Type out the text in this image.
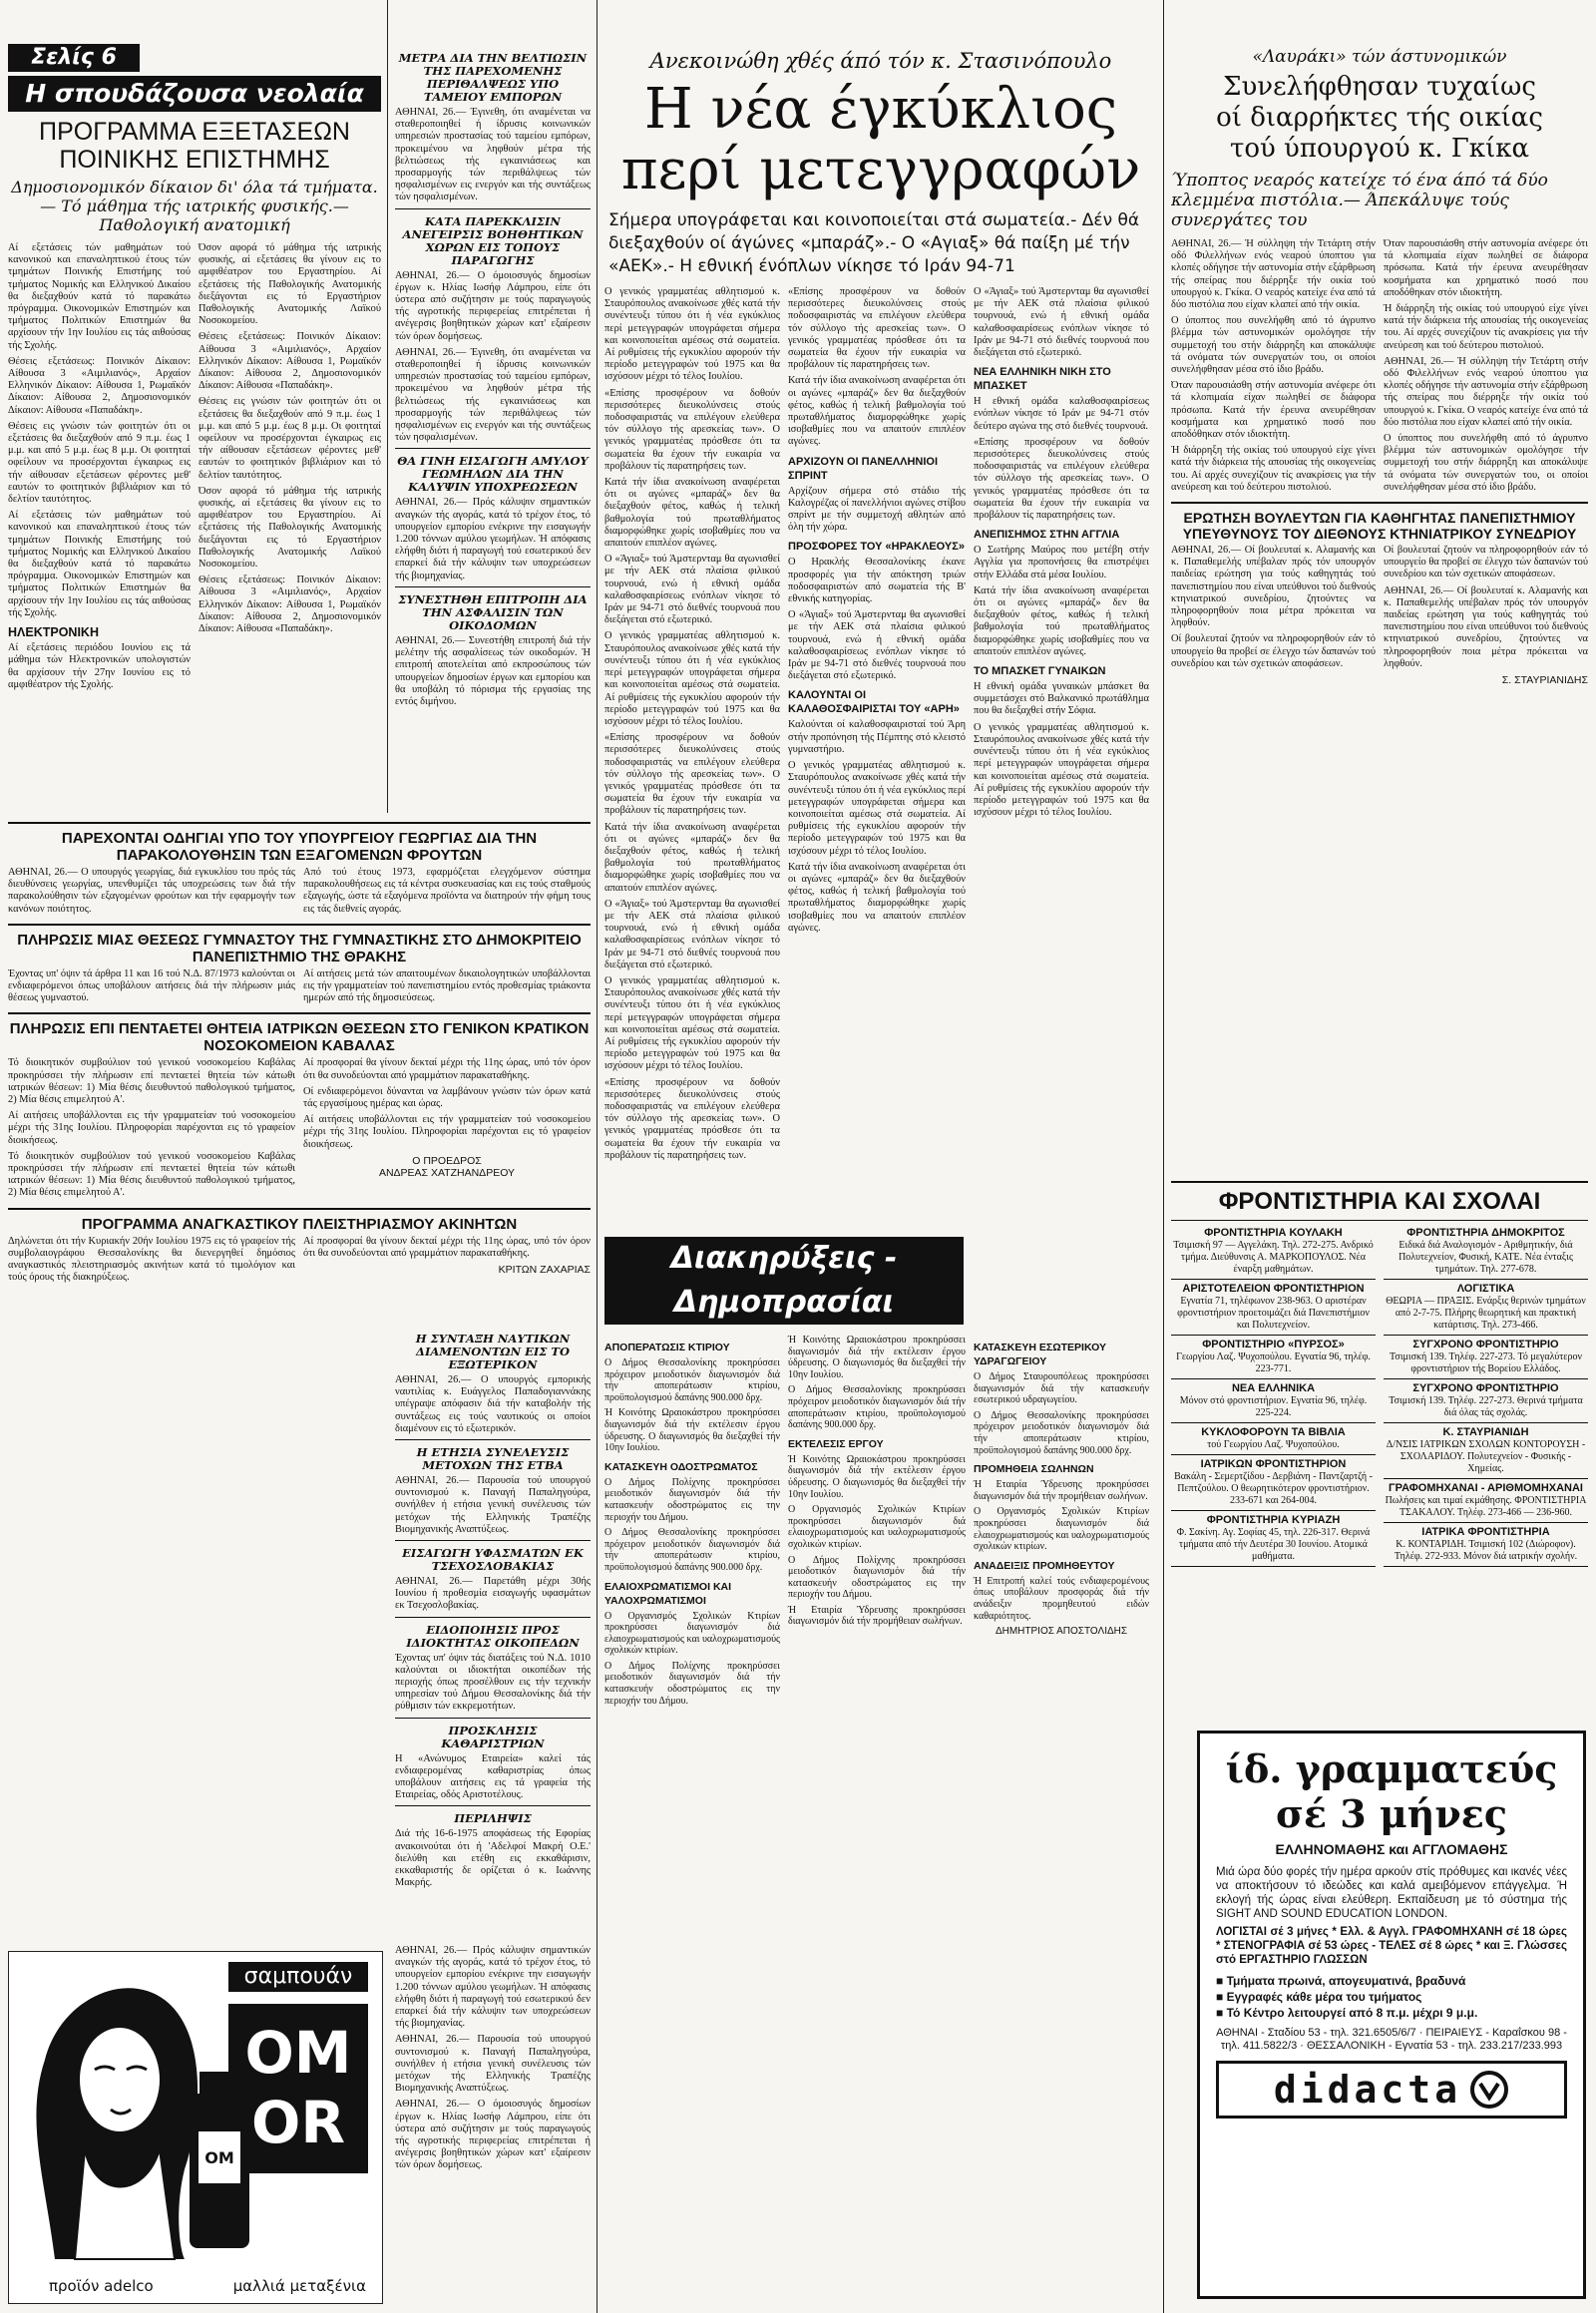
Σελίς 6
Η σπουδάζουσα νεολαία
ΠΡΟΓΡΑΜΜΑ ΕΞΕΤΑΣΕΩΝ
ΠΟΙΝΙΚΗΣ ΕΠΙΣΤΗΜΗΣ
Δημοσιονομικόν δίκαιον δι' όλα τά τμήματα.— Τό μάθημα τής ιατρικής φυσικής.— Παθολογική ανατομική

Αί εξετάσεις τών μαθημάτων τού κανονικού και επαναληπτικού έτους τών τμημάτων Ποινικής Επιστήμης τού τμήματος Νομικής και Ελληνικού Δικαίου θα διεξαχθούν κατά τό παρακάτω πρόγραμμα. Οικονομικών Επιστημών και τμήματος Πολιτικών Επιστημών θα αρχίσουν τήν 1ην Ιουλίου εις τάς αιθούσας τής Σχολής.

Θέσεις εξετάσεως: Ποινικόν Δίκαιον: Αίθουσα 3 «Αιμιλιανός», Αρχαίον Ελληνικόν Δίκαιον: Αίθουσα 1, Ρωμαϊκόν Δίκαιον: Αίθουσα 2, Δημοσιονομικόν Δίκαιον: Αίθουσα «Παπαδάκη».

Θέσεις εις γνώσιν τών φοιτητών ότι οι εξετάσεις θα διεξαχθούν από 9 π.μ. έως 1 μ.μ. και από 5 μ.μ. έως 8 μ.μ. Οι φοιτηταί οφείλουν να προσέρχονται έγκαιρως εις τήν αίθουσαν εξετάσεων φέροντες μεθ' εαυτών το φοιτητικόν βιβλιάριον και τό δελτίον ταυτότητος.

Αί εξετάσεις τών μαθημάτων τού κανονικού και επαναληπτικού έτους τών τμημάτων Ποινικής Επιστήμης τού τμήματος Νομικής και Ελληνικού Δικαίου θα διεξαχθούν κατά τό παρακάτω πρόγραμμα. Οικονομικών Επιστημών και τμήματος Πολιτικών Επιστημών θα αρχίσουν τήν 1ην Ιουλίου εις τάς αιθούσας τής Σχολής.

ΗΛΕΚΤΡΟΝΙΚΗ

Αί εξετάσεις περιόδου Ιουνίου εις τά μάθημα τών Ηλεκτρονικών υπολογιστών θα αρχίσουν τήν 27ην Ιουνίου εις τό αμφιθέατρον τής Σχολής.

Όσον αφορά τό μάθημα τής ιατρικής φυσικής, αί εξετάσεις θα γίνουν εις το αμφιθέατρον του Εργαστηρίου. Αί εξετάσεις τής Παθολογικής Ανατομικής διεξάγονται εις τό Εργαστήριον Παθολογικής Ανατομικής Λαϊκού Νοσοκομείου.

Θέσεις εξετάσεως: Ποινικόν Δίκαιον: Αίθουσα 3 «Αιμιλιανός», Αρχαίον Ελληνικόν Δίκαιον: Αίθουσα 1, Ρωμαϊκόν Δίκαιον: Αίθουσα 2, Δημοσιονομικόν Δίκαιον: Αίθουσα «Παπαδάκη».

Θέσεις εις γνώσιν τών φοιτητών ότι οι εξετάσεις θα διεξαχθούν από 9 π.μ. έως 1 μ.μ. και από 5 μ.μ. έως 8 μ.μ. Οι φοιτηταί οφείλουν να προσέρχονται έγκαιρως εις τήν αίθουσαν εξετάσεων φέροντες μεθ' εαυτών το φοιτητικόν βιβλιάριον και τό δελτίον ταυτότητος.

Όσον αφορά τό μάθημα τής ιατρικής φυσικής, αί εξετάσεις θα γίνουν εις το αμφιθέατρον του Εργαστηρίου. Αί εξετάσεις τής Παθολογικής Ανατομικής διεξάγονται εις τό Εργαστήριον Παθολογικής Ανατομικής Λαϊκού Νοσοκομείου.

Θέσεις εξετάσεως: Ποινικόν Δίκαιον: Αίθουσα 3 «Αιμιλιανός», Αρχαίον Ελληνικόν Δίκαιον: Αίθουσα 1, Ρωμαϊκόν Δίκαιον: Αίθουσα 2, Δημοσιονομικόν Δίκαιον: Αίθουσα «Παπαδάκη».

ΠΑΡΕΧΟΝΤΑΙ ΟΔΗΓΙΑΙ ΥΠΟ ΤΟΥ ΥΠΟΥΡΓΕΙΟΥ ΓΕΩΡΓΙΑΣ ΔΙΑ ΤΗΝ ΠΑΡΑΚΟΛΟΥΘΗΣΙΝ ΤΩΝ ΕΞΑΓΟΜΕΝΩΝ ΦΡΟΥΤΩΝ

ΑΘΗΝΑΙ, 26.— Ο υπουργός γεωργίας, διά εγκυκλίου του πρός τάς διευθύνσεις γεωργίας, υπενθυμίζει τάς υποχρεώσεις των διά τήν παρακολούθησιν τών εξαγομένων φρούτων και τήν εφαρμογήν των κανόνων ποιότητος.

Από τού έτους 1973, εφαρμόζεται ελεγχόμενον σύστημα παρακολουθήσεως εις τά κέντρα συσκευασίας και εις τούς σταθμούς εξαγωγής, ώστε τά εξαγόμενα προϊόντα να διατηρούν τήν φήμη τους εις τάς διεθνείς αγοράς.

ΠΛΗΡΩΣΙΣ ΜΙΑΣ ΘΕΣΕΩΣ ΓΥΜΝΑΣΤΟΥ ΤΗΣ ΓΥΜΝΑΣΤΙΚΗΣ ΣΤΟ ΔΗΜΟΚΡΙΤΕΙΟ ΠΑΝΕΠΙΣΤΗΜΙΟ ΤΗΣ ΘΡΑΚΗΣ

Έχοντας υπ' όψιν τά άρθρα 11 και 16 τού Ν.Δ. 87/1973 καλούνται οι ενδιαφερόμενοι όπως υποβάλουν αιτήσεις διά τήν πλήρωσιν μιάς θέσεως γυμναστού.

Αί αιτήσεις μετά τών απαιτουμένων δικαιολογητικών υποβάλλονται εις τήν γραμματείαν τού πανεπιστημίου εντός προθεσμίας τριάκοντα ημερών από τής δημοσιεύσεως.

ΠΛΗΡΩΣΙΣ ΕΠΙ ΠΕΝΤΑΕΤΕΙ ΘΗΤΕΙΑ ΙΑΤΡΙΚΩΝ ΘΕΣΕΩΝ ΣΤΟ ΓΕΝΙΚΟΝ ΚΡΑΤΙΚΟΝ ΝΟΣΟΚΟΜΕΙΟΝ ΚΑΒΑΛΑΣ

Τό διοικητικόν συμβούλιον τού γενικού νοσοκομείου Καβάλας προκηρύσσει τήν πλήρωσιν επί πενταετεί θητεία τών κάτωθι ιατρικών θέσεων: 1) Μία θέσις διευθυντού παθολογικού τμήματος, 2) Μία θέσις επιμελητού Α'.

Αί αιτήσεις υποβάλλονται εις τήν γραμματείαν τού νοσοκομείου μέχρι τής 31ης Ιουλίου. Πληροφορίαι παρέχονται εις τό γραφείον διοικήσεως.

Τό διοικητικόν συμβούλιον τού γενικού νοσοκομείου Καβάλας προκηρύσσει τήν πλήρωσιν επί πενταετεί θητεία τών κάτωθι ιατρικών θέσεων: 1) Μία θέσις διευθυντού παθολογικού τμήματος, 2) Μία θέσις επιμελητού Α'.

Αί προσφοραί θα γίνουν δεκταί μέχρι τής 11ης ώρας, υπό τόν όρον ότι θα συνοδεύονται από γραμμάτιον παρακαταθήκης.

Οί ενδιαφερόμενοι δύνανται να λαμβάνουν γνώσιν τών όρων κατά τάς εργασίμους ημέρας και ώρας.

Αί αιτήσεις υποβάλλονται εις τήν γραμματείαν τού νοσοκομείου μέχρι τής 31ης Ιουλίου. Πληροφορίαι παρέχονται εις τό γραφείον διοικήσεως.

Ο ΠΡΟΕΔΡΟΣ
ΑΝΔΡΕΑΣ ΧΑΤΖΗΑΝΔΡΕΟΥ
ΠΡΟΓΡΑΜΜΑ ΑΝΑΓΚΑΣΤΙΚΟΥ ΠΛΕΙΣΤΗΡΙΑΣΜΟΥ ΑΚΙΝΗΤΩΝ

Δηλώνεται ότι τήν Κυριακήν 20ήν Ιουλίου 1975 εις τό γραφείον τής συμβολαιογράφου Θεσσαλονίκης θα διενεργηθεί δημόσιος αναγκαστικός πλειστηριασμός ακινήτων κατά τό τιμολόγιον και τούς όρους τής διακηρύξεως.

Αί προσφοραί θα γίνουν δεκταί μέχρι τής 11ης ώρας, υπό τόν όρον ότι θα συνοδεύονται από γραμμάτιον παρακαταθήκης.

ΚΡΙΤΩΝ ΖΑΧΑΡΙΑΣ
σαμπουάν
OM OR
OM
προϊόν adelco	μαλλιά μεταξένια
ΜΕΤΡΑ ΔΙΑ ΤΗΝ ΒΕΛΤΙΩΣΙΝ ΤΗΣ ΠΑΡΕΧΟΜΕΝΗΣ ΠΕΡΙΘΑΛΨΕΩΣ ΥΠΟ ΤΑΜΕΙΟΥ ΕΜΠΟΡΩΝ

ΑΘΗΝΑΙ, 26.— Έγινεθη, ότι αναμένεται να σταθεροποιηθεί ή ίδρυσις κοινωνικών υπηρεσιών προστασίας τού ταμείου εμπόρων, προκειμένου να ληφθούν μέτρα τής βελτιώσεως τής εγκαινιάσεως και προσαρμογής τών περιθάλψεως τών ησφαλισμένων εις ενεργόν και τής συντάξεως τών ησφαλισμένων.

ΚΑΤΑ ΠΑΡΕΚΚΛΙΣΙΝ ΑΝΕΓΕΙΡΣΙΣ ΒΟΗΘΗΤΙΚΩΝ ΧΩΡΩΝ ΕΙΣ ΤΟΠΟΥΣ ΠΑΡΑΓΩΓΗΣ

ΑΘΗΝΑΙ, 26.— Ο όμοιοσυγός δημοσίων έργων κ. Ηλίας Ιωσήφ Λάμπρου, είπε ότι ύστερα από συζήτησιν με τούς παραγωγούς τής αγροτικής περιφερείας επιτρέπεται ή ανέγερσις βοηθητικών χώρων κατ' εξαίρεσιν τών όρων δομήσεως.

ΑΘΗΝΑΙ, 26.— Έγινεθη, ότι αναμένεται να σταθεροποιηθεί ή ίδρυσις κοινωνικών υπηρεσιών προστασίας τού ταμείου εμπόρων, προκειμένου να ληφθούν μέτρα τής βελτιώσεως τής εγκαινιάσεως και προσαρμογής τών περιθάλψεως τών ησφαλισμένων εις ενεργόν και τής συντάξεως τών ησφαλισμένων.

ΘΑ ΓΙΝΗ ΕΙΣΑΓΩΓΗ ΑΜΥΛΟΥ ΓΕΩΜΗΛΩΝ ΔΙΑ ΤΗΝ ΚΑΛΥΨΙΝ ΥΠΟΧΡΕΩΣΕΩΝ

ΑΘΗΝΑΙ, 26.— Πρός κάλυψιν σημαντικών αναγκών τής αγοράς, κατά τό τρέχον έτος, τό υπουργείον εμπορίου ενέκρινε την εισαγωγήν 1.200 τόννων αμύλου γεωμήλων. Ή απόφασις ελήφθη διότι ή παραγωγή τού εσωτερικού δεν επαρκεί διά τήν κάλυψιν των υποχρεώσεων τής βιομηχανίας.

ΣΥΝΕΣΤΗΘΗ ΕΠΙΤΡΟΠΗ ΔΙΑ ΤΗΝ ΑΣΦΑΛΙΣΙΝ ΤΩΝ ΟΙΚΟΔΟΜΩΝ

ΑΘΗΝΑΙ, 26.— Συνεστήθη επιτροπή διά τήν μελέτην τής ασφαλίσεως τών οικοδομών. Ή επιτροπή αποτελείται από εκπροσώπους τών υπουργείων δημοσίων έργων και εμπορίου και θα υποβάλη τό πόρισμα τής εργασίας της εντός διμήνου.

Η ΣΥΝΤΑΞΗ ΝΑΥΤΙΚΩΝ ΔΙΑΜΕΝΟΝΤΩΝ ΕΙΣ ΤΟ ΕΞΩΤΕΡΙΚΟΝ

ΑΘΗΝΑΙ, 26.— Ο υπουργός εμπορικής ναυτιλίας κ. Ευάγγελος Παπαδογιαννάκης υπέγραψε απόφασιν διά τήν καταβολήν τής συντάξεως εις τούς ναυτικούς οι οποίοι διαμένουν εις τό εξωτερικόν.

Η ΕΤΗΣΙΑ ΣΥΝΕΛΕΥΣΙΣ ΜΕΤΟΧΩΝ ΤΗΣ ΕΤΒΑ

ΑΘΗΝΑΙ, 26.— Παρουσία τού υπουργού συντονισμού κ. Παναγή Παπαληγούρα, συνήλθεν ή ετήσια γενική συνέλευσις τών μετόχων τής Ελληνικής Τραπέζης Βιομηχανικής Αναπτύξεως.

ΕΙΣΑΓΩΓΗ ΥΦΑΣΜΑΤΩΝ ΕΚ ΤΣΕΧΟΣΛΟΒΑΚΙΑΣ

ΑΘΗΝΑΙ, 26.— Παρετάθη μέχρι 30ής Ιουνίου ή προθεσμία εισαγωγής υφασμάτων εκ Τσεχοσλοβακίας.

ΕΙΔΟΠΟΙΗΣΙΣ ΠΡΟΣ ΙΔΙΟΚΤΗΤΑΣ ΟΙΚΟΠΕΔΩΝ

Έχοντας υπ' όψιν τάς διατάξεις τού Ν.Δ. 1010 καλούνται οι ιδιοκτήται οικοπέδων τής περιοχής όπως προσέλθουν εις τήν τεχνικήν υπηρεσίαν τού Δήμου Θεσσαλονίκης διά τήν ρύθμισιν τών εκκρεμοτήτων.

ΠΡΟΣΚΛΗΣΙΣ ΚΑΘΑΡΙΣΤΡΙΩΝ

Η «Ανώνυμος Εταιρεία» καλεί τάς ενδιαφερομένας καθαριστρίας όπως υποβάλουν αιτήσεις εις τά γραφεία τής Εταιρείας, οδός Αριστοτέλους.

ΠΕΡΙΛΗΨΙΣ

Διά τής 16-6-1975 αποφάσεως τής Εφορίας ανακοινούται ότι ή 'Αδελφοί Μακρή Ο.Ε.' διελύθη και ετέθη εις εκκαθάρισιν, εκκαθαριστής δε ορίζεται ό κ. Ιωάννης Μακρής.

ΑΘΗΝΑΙ, 26.— Πρός κάλυψιν σημαντικών αναγκών τής αγοράς, κατά τό τρέχον έτος, τό υπουργείον εμπορίου ενέκρινε την εισαγωγήν 1.200 τόννων αμύλου γεωμήλων. Ή απόφασις ελήφθη διότι ή παραγωγή τού εσωτερικού δεν επαρκεί διά τήν κάλυψιν των υποχρεώσεων τής βιομηχανίας.

ΑΘΗΝΑΙ, 26.— Παρουσία τού υπουργού συντονισμού κ. Παναγή Παπαληγούρα, συνήλθεν ή ετήσια γενική συνέλευσις τών μετόχων τής Ελληνικής Τραπέζης Βιομηχανικής Αναπτύξεως.

ΑΘΗΝΑΙ, 26.— Ο όμοιοσυγός δημοσίων έργων κ. Ηλίας Ιωσήφ Λάμπρου, είπε ότι ύστερα από συζήτησιν με τούς παραγωγούς τής αγροτικής περιφερείας επιτρέπεται ή ανέγερσις βοηθητικών χώρων κατ' εξαίρεσιν τών όρων δομήσεως.

Ανεκοινώθη χθές άπό τόν κ. Στασινόπουλο
Η νέα έγκύκλιος
περί μετεγγραφών
Σήμερα υπογράφεται και κοινοποιείται στά σωματεία.- Δέν θά διεξαχθούν οί άγώνες «μπαράζ».- Ο «Αγιαξ» θά παίξη μέ τήν «ΑΕΚ».- Η εθνική ένόπλων νίκησε τό Ιράν 94-71

Ο γενικός γραμματέας αθλητισμού κ. Σταυρόπουλος ανακοίνωσε χθές κατά τήν συνέντευξι τύπου ότι ή νέα εγκύκλιος περί μετεγγραφών υπογράφεται σήμερα και κοινοποιείται αμέσως στά σωματεία. Αί ρυθμίσεις τής εγκυκλίου αφορούν τήν περίοδο μετεγγραφών τού 1975 και θα ισχύσουν μέχρι τό τέλος Ιουλίου.

«Επίσης προσφέρουν να δοθούν περισσότερες διευκολύνσεις στούς ποδοσφαιριστάς να επιλέγουν ελεύθερα τόν σύλλογο τής αρεσκείας των». Ο γενικός γραμματέας πρόσθεσε ότι τα σωματεία θα έχουν τήν ευκαιρία να προβάλουν τίς παρατηρήσεις των.

Κατά τήν ίδια ανακοίνωση αναφέρεται ότι οι αγώνες «μπαράζ» δεν θα διεξαχθούν φέτος, καθώς ή τελική βαθμολογία τού πρωταθλήματος διαμορφώθηκε χωρίς ισοβαθμίες που να απαιτούν επιπλέον αγώνες.

Ο «Άγιαξ» τού Άμστερνταμ θα αγωνισθεί με τήν ΑΕΚ στά πλαίσια φιλικού τουρνουά, ενώ ή εθνική ομάδα καλαθοσφαιρίσεως ενόπλων νίκησε τό Ιράν με 94-71 στό διεθνές τουρνουά που διεξάγεται στό εξωτερικό.

Ο γενικός γραμματέας αθλητισμού κ. Σταυρόπουλος ανακοίνωσε χθές κατά τήν συνέντευξι τύπου ότι ή νέα εγκύκλιος περί μετεγγραφών υπογράφεται σήμερα και κοινοποιείται αμέσως στά σωματεία. Αί ρυθμίσεις τής εγκυκλίου αφορούν τήν περίοδο μετεγγραφών τού 1975 και θα ισχύσουν μέχρι τό τέλος Ιουλίου.

«Επίσης προσφέρουν να δοθούν περισσότερες διευκολύνσεις στούς ποδοσφαιριστάς να επιλέγουν ελεύθερα τόν σύλλογο τής αρεσκείας των». Ο γενικός γραμματέας πρόσθεσε ότι τα σωματεία θα έχουν τήν ευκαιρία να προβάλουν τίς παρατηρήσεις των.

Κατά τήν ίδια ανακοίνωση αναφέρεται ότι οι αγώνες «μπαράζ» δεν θα διεξαχθούν φέτος, καθώς ή τελική βαθμολογία τού πρωταθλήματος διαμορφώθηκε χωρίς ισοβαθμίες που να απαιτούν επιπλέον αγώνες.

Ο «Άγιαξ» τού Άμστερνταμ θα αγωνισθεί με τήν ΑΕΚ στά πλαίσια φιλικού τουρνουά, ενώ ή εθνική ομάδα καλαθοσφαιρίσεως ενόπλων νίκησε τό Ιράν με 94-71 στό διεθνές τουρνουά που διεξάγεται στό εξωτερικό.

Ο γενικός γραμματέας αθλητισμού κ. Σταυρόπουλος ανακοίνωσε χθές κατά τήν συνέντευξι τύπου ότι ή νέα εγκύκλιος περί μετεγγραφών υπογράφεται σήμερα και κοινοποιείται αμέσως στά σωματεία. Αί ρυθμίσεις τής εγκυκλίου αφορούν τήν περίοδο μετεγγραφών τού 1975 και θα ισχύσουν μέχρι τό τέλος Ιουλίου.

«Επίσης προσφέρουν να δοθούν περισσότερες διευκολύνσεις στούς ποδοσφαιριστάς να επιλέγουν ελεύθερα τόν σύλλογο τής αρεσκείας των». Ο γενικός γραμματέας πρόσθεσε ότι τα σωματεία θα έχουν τήν ευκαιρία να προβάλουν τίς παρατηρήσεις των.

«Επίσης προσφέρουν να δοθούν περισσότερες διευκολύνσεις στούς ποδοσφαιριστάς να επιλέγουν ελεύθερα τόν σύλλογο τής αρεσκείας των». Ο γενικός γραμματέας πρόσθεσε ότι τα σωματεία θα έχουν τήν ευκαιρία να προβάλουν τίς παρατηρήσεις των.

Κατά τήν ίδια ανακοίνωση αναφέρεται ότι οι αγώνες «μπαράζ» δεν θα διεξαχθούν φέτος, καθώς ή τελική βαθμολογία τού πρωταθλήματος διαμορφώθηκε χωρίς ισοβαθμίες που να απαιτούν επιπλέον αγώνες.

ΑΡΧΙΖΟΥΝ ΟΙ ΠΑΝΕΛΛΗΝΙΟΙ ΣΠΡΙΝΤ

Αρχίζουν σήμερα στό στάδιο τής Καλογρέζας οί πανελλήνιοι αγώνες στίβου σπρίντ με τήν συμμετοχή αθλητών από όλη τήν χώρα.

ΠΡΟΣΦΟΡΕΣ ΤΟΥ «ΗΡΑΚΛΕΟΥΣ»

Ο Ηρακλής Θεσσαλονίκης έκανε προσφορές για τήν απόκτηση τριών ποδοσφαιριστών από σωματεία τής Β' εθνικής κατηγορίας.

Ο «Άγιαξ» τού Άμστερνταμ θα αγωνισθεί με τήν ΑΕΚ στά πλαίσια φιλικού τουρνουά, ενώ ή εθνική ομάδα καλαθοσφαιρίσεως ενόπλων νίκησε τό Ιράν με 94-71 στό διεθνές τουρνουά που διεξάγεται στό εξωτερικό.

ΚΑΛΟΥΝΤΑΙ ΟΙ ΚΑΛΑΘΟΣΦΑΙΡΙΣΤΑΙ ΤΟΥ «ΑΡΗ»

Καλούνται οί καλαθοσφαιρισταί τού Άρη στήν προπόνηση τής Πέμπτης στό κλειστό γυμναστήριο.

Ο γενικός γραμματέας αθλητισμού κ. Σταυρόπουλος ανακοίνωσε χθές κατά τήν συνέντευξι τύπου ότι ή νέα εγκύκλιος περί μετεγγραφών υπογράφεται σήμερα και κοινοποιείται αμέσως στά σωματεία. Αί ρυθμίσεις τής εγκυκλίου αφορούν τήν περίοδο μετεγγραφών τού 1975 και θα ισχύσουν μέχρι τό τέλος Ιουλίου.

Κατά τήν ίδια ανακοίνωση αναφέρεται ότι οι αγώνες «μπαράζ» δεν θα διεξαχθούν φέτος, καθώς ή τελική βαθμολογία τού πρωταθλήματος διαμορφώθηκε χωρίς ισοβαθμίες που να απαιτούν επιπλέον αγώνες.

Ο «Άγιαξ» τού Άμστερνταμ θα αγωνισθεί με τήν ΑΕΚ στά πλαίσια φιλικού τουρνουά, ενώ ή εθνική ομάδα καλαθοσφαιρίσεως ενόπλων νίκησε τό Ιράν με 94-71 στό διεθνές τουρνουά που διεξάγεται στό εξωτερικό.

ΝΕΑ ΕΛΛΗΝΙΚΗ ΝΙΚΗ ΣΤΟ ΜΠΑΣΚΕΤ

Η εθνική ομάδα καλαθοσφαιρίσεως ενόπλων νίκησε τό Ιράν με 94-71 στόν δεύτερο αγώνα της στό διεθνές τουρνουά.

«Επίσης προσφέρουν να δοθούν περισσότερες διευκολύνσεις στούς ποδοσφαιριστάς να επιλέγουν ελεύθερα τόν σύλλογο τής αρεσκείας των». Ο γενικός γραμματέας πρόσθεσε ότι τα σωματεία θα έχουν τήν ευκαιρία να προβάλουν τίς παρατηρήσεις των.

ΑΝΕΠΙΣΗΜΟΣ ΣΤΗΝ ΑΓΓΛΙΑ

Ο Σωτήρης Μαύρος που μετέβη στήν Αγγλία για προπονήσεις θα επιστρέψει στήν Ελλάδα στά μέσα Ιουλίου.

Κατά τήν ίδια ανακοίνωση αναφέρεται ότι οι αγώνες «μπαράζ» δεν θα διεξαχθούν φέτος, καθώς ή τελική βαθμολογία τού πρωταθλήματος διαμορφώθηκε χωρίς ισοβαθμίες που να απαιτούν επιπλέον αγώνες.

ΤΟ ΜΠΑΣΚΕΤ ΓΥΝΑΙΚΩΝ

Η εθνική ομάδα γυναικών μπάσκετ θα συμμετάσχει στό Βαλκανικό πρωτάθλημα που θα διεξαχθεί στήν Σόφια.

Ο γενικός γραμματέας αθλητισμού κ. Σταυρόπουλος ανακοίνωσε χθές κατά τήν συνέντευξι τύπου ότι ή νέα εγκύκλιος περί μετεγγραφών υπογράφεται σήμερα και κοινοποιείται αμέσως στά σωματεία. Αί ρυθμίσεις τής εγκυκλίου αφορούν τήν περίοδο μετεγγραφών τού 1975 και θα ισχύσουν μέχρι τό τέλος Ιουλίου.

Διακηρύξεις - Δημοπρασίαι
ΑΠΟΠΕΡΑΤΩΣΙΣ ΚΤΙΡΙΟΥ

Ο Δήμος Θεσσαλονίκης προκηρύσσει πρόχειρον μειοδοτικόν διαγωνισμόν διά τήν αποπεράτωσιν κτιρίου, προϋπολογισμού δαπάνης 900.000 δρχ.

Ή Κοινότης Ωραιοκάστρου προκηρύσσει διαγωνισμόν διά τήν εκτέλεσιν έργου ύδρευσης. Ο διαγωνισμός θα διεξαχθεί τήν 10ην Ιουλίου.

ΚΑΤΑΣΚΕΥΗ ΟΔΟΣΤΡΩΜΑΤΟΣ

Ο Δήμος Πολίχνης προκηρύσσει μειοδοτικόν διαγωνισμόν διά τήν κατασκευήν οδοστρώματος εις την περιοχήν του Δήμου.

Ο Δήμος Θεσσαλονίκης προκηρύσσει πρόχειρον μειοδοτικόν διαγωνισμόν διά τήν αποπεράτωσιν κτιρίου, προϋπολογισμού δαπάνης 900.000 δρχ.

ΕΛΑΙΟΧΡΩΜΑΤΙΣΜΟΙ ΚΑΙ ΥΑΛΟΧΡΩΜΑΤΙΣΜΟΙ

Ο Οργανισμός Σχολικών Κτιρίων προκηρύσσει διαγωνισμόν διά ελαιοχρωματισμούς και υαλοχρωματισμούς σχολικών κτιρίων.

Ο Δήμος Πολίχνης προκηρύσσει μειοδοτικόν διαγωνισμόν διά τήν κατασκευήν οδοστρώματος εις την περιοχήν του Δήμου.

Ή Κοινότης Ωραιοκάστρου προκηρύσσει διαγωνισμόν διά τήν εκτέλεσιν έργου ύδρευσης. Ο διαγωνισμός θα διεξαχθεί τήν 10ην Ιουλίου.

Ο Δήμος Θεσσαλονίκης προκηρύσσει πρόχειρον μειοδοτικόν διαγωνισμόν διά τήν αποπεράτωσιν κτιρίου, προϋπολογισμού δαπάνης 900.000 δρχ.

ΕΚΤΕΛΕΣΙΣ ΕΡΓΟΥ

Ή Κοινότης Ωραιοκάστρου προκηρύσσει διαγωνισμόν διά τήν εκτέλεσιν έργου ύδρευσης. Ο διαγωνισμός θα διεξαχθεί τήν 10ην Ιουλίου.

Ο Οργανισμός Σχολικών Κτιρίων προκηρύσσει διαγωνισμόν διά ελαιοχρωματισμούς και υαλοχρωματισμούς σχολικών κτιρίων.

Ο Δήμος Πολίχνης προκηρύσσει μειοδοτικόν διαγωνισμόν διά τήν κατασκευήν οδοστρώματος εις την περιοχήν του Δήμου.

Ή Εταιρία Ύδρευσης προκηρύσσει διαγωνισμόν διά τήν προμήθειαν σωλήνων.

ΚΑΤΑΣΚΕΥΗ ΕΣΩΤΕΡΙΚΟΥ ΥΔΡΑΓΩΓΕΙΟΥ

Ο Δήμος Σταυρουπόλεως προκηρύσσει διαγωνισμόν διά τήν κατασκευήν εσωτερικού υδραγωγείου.

Ο Δήμος Θεσσαλονίκης προκηρύσσει πρόχειρον μειοδοτικόν διαγωνισμόν διά τήν αποπεράτωσιν κτιρίου, προϋπολογισμού δαπάνης 900.000 δρχ.

ΠΡΟΜΗΘΕΙΑ ΣΩΛΗΝΩΝ

Ή Εταιρία Ύδρευσης προκηρύσσει διαγωνισμόν διά τήν προμήθειαν σωλήνων.

Ο Οργανισμός Σχολικών Κτιρίων προκηρύσσει διαγωνισμόν διά ελαιοχρωματισμούς και υαλοχρωματισμούς σχολικών κτιρίων.

ΑΝΑΔΕΙΞΙΣ ΠΡΟΜΗΘΕΥΤΟΥ

Ή Επιτροπή καλεί τούς ενδιαφερομένους όπως υποβάλουν προσφοράς διά τήν ανάδειξιν προμηθευτού ειδών καθαριότητος.

ΔΗΜΗΤΡΙΟΣ ΑΠΟΣΤΟΛΙΔΗΣ
«Λαυράκι» τών άστυνομικών
Συνελήφθησαν τυχαίως
οί διαρρήκτες τής οικίας
τού ύπουργού κ. Γκίκα
Ύποπτος νεαρός κατείχε τό ένα άπό τά δύο κλεμμένα πιστόλια.— Άπεκάλυψε τούς συνεργάτες του

ΑΘΗΝΑΙ, 26.— Ή σύλληψη τήν Τετάρτη στήν οδό Φιλελλήνων ενός νεαρού ύποπτου για κλοπές οδήγησε τήν αστυνομία στήν εξάρθρωση τής σπείρας που διέρρηξε τήν οικία τού υπουργού κ. Γκίκα. Ο νεαρός κατείχε ένα από τά δύο πιστόλια που είχαν κλαπεί από τήν οικία.

Ο ύποπτος που συνελήφθη από τό άγρυπνο βλέμμα τών αστυνομικών ομολόγησε τήν συμμετοχή του στήν διάρρηξη και αποκάλυψε τά ονόματα τών συνεργατών του, οι οποίοι συνελήφθησαν μέσα στό ίδιο βράδυ.

Όταν παρουσιάσθη στήν αστυνομία ανέφερε ότι τά κλοπιμαία είχαν πωληθεί σε διάφορα πρόσωπα. Κατά τήν έρευνα ανευρέθησαν κοσμήματα και χρηματικό ποσό που αποδόθηκαν στόν ιδιοκτήτη.

Ή διάρρηξη τής οικίας τού υπουργού είχε γίνει κατά τήν διάρκεια τής απουσίας τής οικογενείας του. Αί αρχές συνεχίζουν τίς ανακρίσεις για τήν ανεύρεση και τού δεύτερου πιστολιού.

Όταν παρουσιάσθη στήν αστυνομία ανέφερε ότι τά κλοπιμαία είχαν πωληθεί σε διάφορα πρόσωπα. Κατά τήν έρευνα ανευρέθησαν κοσμήματα και χρηματικό ποσό που αποδόθηκαν στόν ιδιοκτήτη.

Ή διάρρηξη τής οικίας τού υπουργού είχε γίνει κατά τήν διάρκεια τής απουσίας τής οικογενείας του. Αί αρχές συνεχίζουν τίς ανακρίσεις για τήν ανεύρεση και τού δεύτερου πιστολιού.

ΑΘΗΝΑΙ, 26.— Ή σύλληψη τήν Τετάρτη στήν οδό Φιλελλήνων ενός νεαρού ύποπτου για κλοπές οδήγησε τήν αστυνομία στήν εξάρθρωση τής σπείρας που διέρρηξε τήν οικία τού υπουργού κ. Γκίκα. Ο νεαρός κατείχε ένα από τά δύο πιστόλια που είχαν κλαπεί από τήν οικία.

Ο ύποπτος που συνελήφθη από τό άγρυπνο βλέμμα τών αστυνομικών ομολόγησε τήν συμμετοχή του στήν διάρρηξη και αποκάλυψε τά ονόματα τών συνεργατών του, οι οποίοι συνελήφθησαν μέσα στό ίδιο βράδυ.

ΕΡΩΤΗΣΗ ΒΟΥΛΕΥΤΩΝ ΓΙΑ ΚΑΘΗΓΗΤΑΣ ΠΑΝΕΠΙΣΤΗΜΙΟΥ ΥΠΕΥΘΥΝΟΥΣ ΤΟΥ ΔΙΕΘΝΟΥΣ ΚΤΗΝΙΑΤΡΙΚΟΥ ΣΥΝΕΔΡΙΟΥ

ΑΘΗΝΑΙ, 26.— Οί βουλευταί κ. Αλαμανής και κ. Παπαθεμελής υπέβαλαν πρός τόν υπουργόν παιδείας ερώτηση για τούς καθηγητάς τού πανεπιστημίου που είναι υπεύθυνοι τού διεθνούς κτηνιατρικού συνεδρίου, ζητούντες να πληροφορηθούν ποια μέτρα πρόκειται να ληφθούν.

Οί βουλευταί ζητούν να πληροφορηθούν εάν τό υπουργείο θα προβεί σε έλεγχο τών δαπανών τού συνεδρίου και τών σχετικών αποφάσεων.

Οί βουλευταί ζητούν να πληροφορηθούν εάν τό υπουργείο θα προβεί σε έλεγχο τών δαπανών τού συνεδρίου και τών σχετικών αποφάσεων.

ΑΘΗΝΑΙ, 26.— Οί βουλευταί κ. Αλαμανής και κ. Παπαθεμελής υπέβαλαν πρός τόν υπουργόν παιδείας ερώτηση για τούς καθηγητάς τού πανεπιστημίου που είναι υπεύθυνοι τού διεθνούς κτηνιατρικού συνεδρίου, ζητούντες να πληροφορηθούν ποια μέτρα πρόκειται να ληφθούν.

Σ. ΣΤΑΥΡΙΑΝΙΔΗΣ
ΦΡΟΝΤΙΣΤΗΡΙΑ ΚΑΙ ΣΧΟΛΑΙ
ΦΡΟΝΤΙΣΤΗΡΙΑ ΚΟΥΛΑΚΗ
Τσιμισκή 97 — Αγγελάκη. Τηλ. 272-275. Ανδρικό τμήμα. Διεύθυνσις Α. ΜΑΡΚΟΠΟΥΛΟΣ. Νέα έναρξη μαθημάτων.
ΑΡΙΣΤΟΤΕΛΕΙΟΝ ΦΡΟΝΤΙΣΤΗΡΙΟΝ
Εγνατία 71, τηλέφωνον 238-963. Ο αριστέραν φροντιστήριον προετοιμάζει διά Πανεπιστήμιον και Πολυτεχνείον.
ΦΡΟΝΤΙΣΤΗΡΙΟ «ΠΥΡΣΟΣ»
Γεωργίου Λαζ. Ψυχοπούλου. Εγνατία 96, τηλέφ. 223-771.
ΝΕΑ ΕΛΛΗΝΙΚΑ
Μόνον στό φροντιστήριον. Εγνατία 96, τηλέφ. 225-224.
ΚΥΚΛΟΦΟΡΟΥΝ ΤΑ ΒΙΒΛΙΑ
τού Γεωργίου Λαζ. Ψυχοπούλου.
ΙΑΤΡΙΚΩΝ ΦΡΟΝΤΙΣΤΗΡΙΟΝ
Βακάλη - Σεμερτζίδου - Δερβιάνη - Παντζαρτζή - Πεπτζούλου. Ο θεωρητικότερον φροντιστήριον. 233-671 και 264-004.
ΦΡΟΝΤΙΣΤΗΡΙΑ ΚΥΡΙΑΖΗ
Φ. Σακίνη. Αγ. Σοφίας 45, τηλ. 226-317. Θερινά τμήματα από τήν Δευτέρα 30 Ιουνίου. Ατομικά μαθήματα.
ΦΡΟΝΤΙΣΤΗΡΙΑ ΔΗΜΟΚΡΙΤΟΣ
Ειδικά διά Αναλογισμόν - Αριθμητικήν, διά Πολυτεχνείον, Φυσική, ΚΑΤΕ. Νέα ένταξις τμημάτων. Τηλ. 277-678.
ΛΟΓΙΣΤΙΚΑ
ΘΕΩΡΙΑ — ΠΡΑΞΙΣ. Ενάρξις θερινών τμημάτων από 2-7-75. Πλήρης θεωρητική και πρακτική κατάρτισις. Τηλ. 273-466.
ΣΥΓΧΡΟΝΟ ΦΡΟΝΤΙΣΤΗΡΙΟ
Τσιμισκή 139. Τηλέφ. 227-273. Τό μεγαλύτερον φροντιστήριον τής Βορείου Ελλάδος.
ΣΥΓΧΡΟΝΟ ΦΡΟΝΤΙΣΤΗΡΙΟ
Τσιμισκή 139. Τηλέφ. 227-273. Θερινά τμήματα διά όλας τάς σχολάς.
Κ. ΣΤΑΥΡΙΑΝΙΔΗ
Δ/ΝΣΙΣ ΙΑΤΡΙΚΩΝ ΣΧΟΛΩΝ ΚΟΝΤΟΡΟΥΣΗ - ΣΧΟΛΑΡΙΔΟΥ. Πολυτεχνείον - Φυσικής - Χημείας.
ΓΡΑΦΟΜΗΧΑΝΑΙ - ΑΡΙΘΜΟΜΗΧΑΝΑΙ
Πωλήσεις και τιμαί εκμάθησης. ΦΡΟΝΤΙΣΤΗΡΙΑ ΤΣΑΚΑΛΟΥ. Τηλέφ. 273-466 — 236-960.
ΙΑΤΡΙΚΑ ΦΡΟΝΤΙΣΤΗΡΙΑ
Κ. ΚΟΝΤΑΡΙΔΗ. Τσιμισκή 102 (Διώροφον). Τηλέφ. 272-933. Μόνον διά ιατρικήν σχολήν.
ίδ. γραμματεύς
σέ 3 μήνες
ΕΛΛΗΝΟΜΑΘΗΣ και ΑΓΓΛΟΜΑΘΗΣ

Μιά ώρα δύο φορές τήν ημέρα αρκούν στίς πρόθυμες και ικανές νέες να αποκτήσουν τό ιδεώδες και καλά αμειβόμενον επάγγελμα. Ή εκλογή τής ώρας είναι ελεύθερη. Εκπαίδευση με τό σύστημα τής SIGHT AND SOUND EDUCATION LONDON.

ΛΟΓΙΣΤΑΙ σέ 3 μήνες * Ελλ. & Αγγλ. ΓΡΑΦΟΜΗΧΑΝΗ σέ 18 ώρες * ΣΤΕΝΟΓΡΑΦΙΑ σέ 53 ώρες - ΤΕΛΕΣ σέ 8 ώρες * και Ξ. Γλώσσες στό ΕΡΓΑΣΤΗΡΙΟ ΓΛΩΣΣΩΝ

■ Τμήματα πρωινά, απογευματινά, βραδυνά
■ Εγγραφές κάθε μέρα του τμήματος
■ Τό Κέντρο λειτουργεί από 8 π.μ. μέχρι 9 μ.μ.

ΑΘΗΝΑΙ - Σταδίου 53 - τηλ. 321.6505/6/7 · ΠΕΙΡΑΙΕΥΣ - Καραΐσκου 98 - τηλ. 411.5822/3 · ΘΕΣΣΑΛΟΝΙΚΗ - Εγνατία 53 - τηλ. 233.217/233.993

didacta
